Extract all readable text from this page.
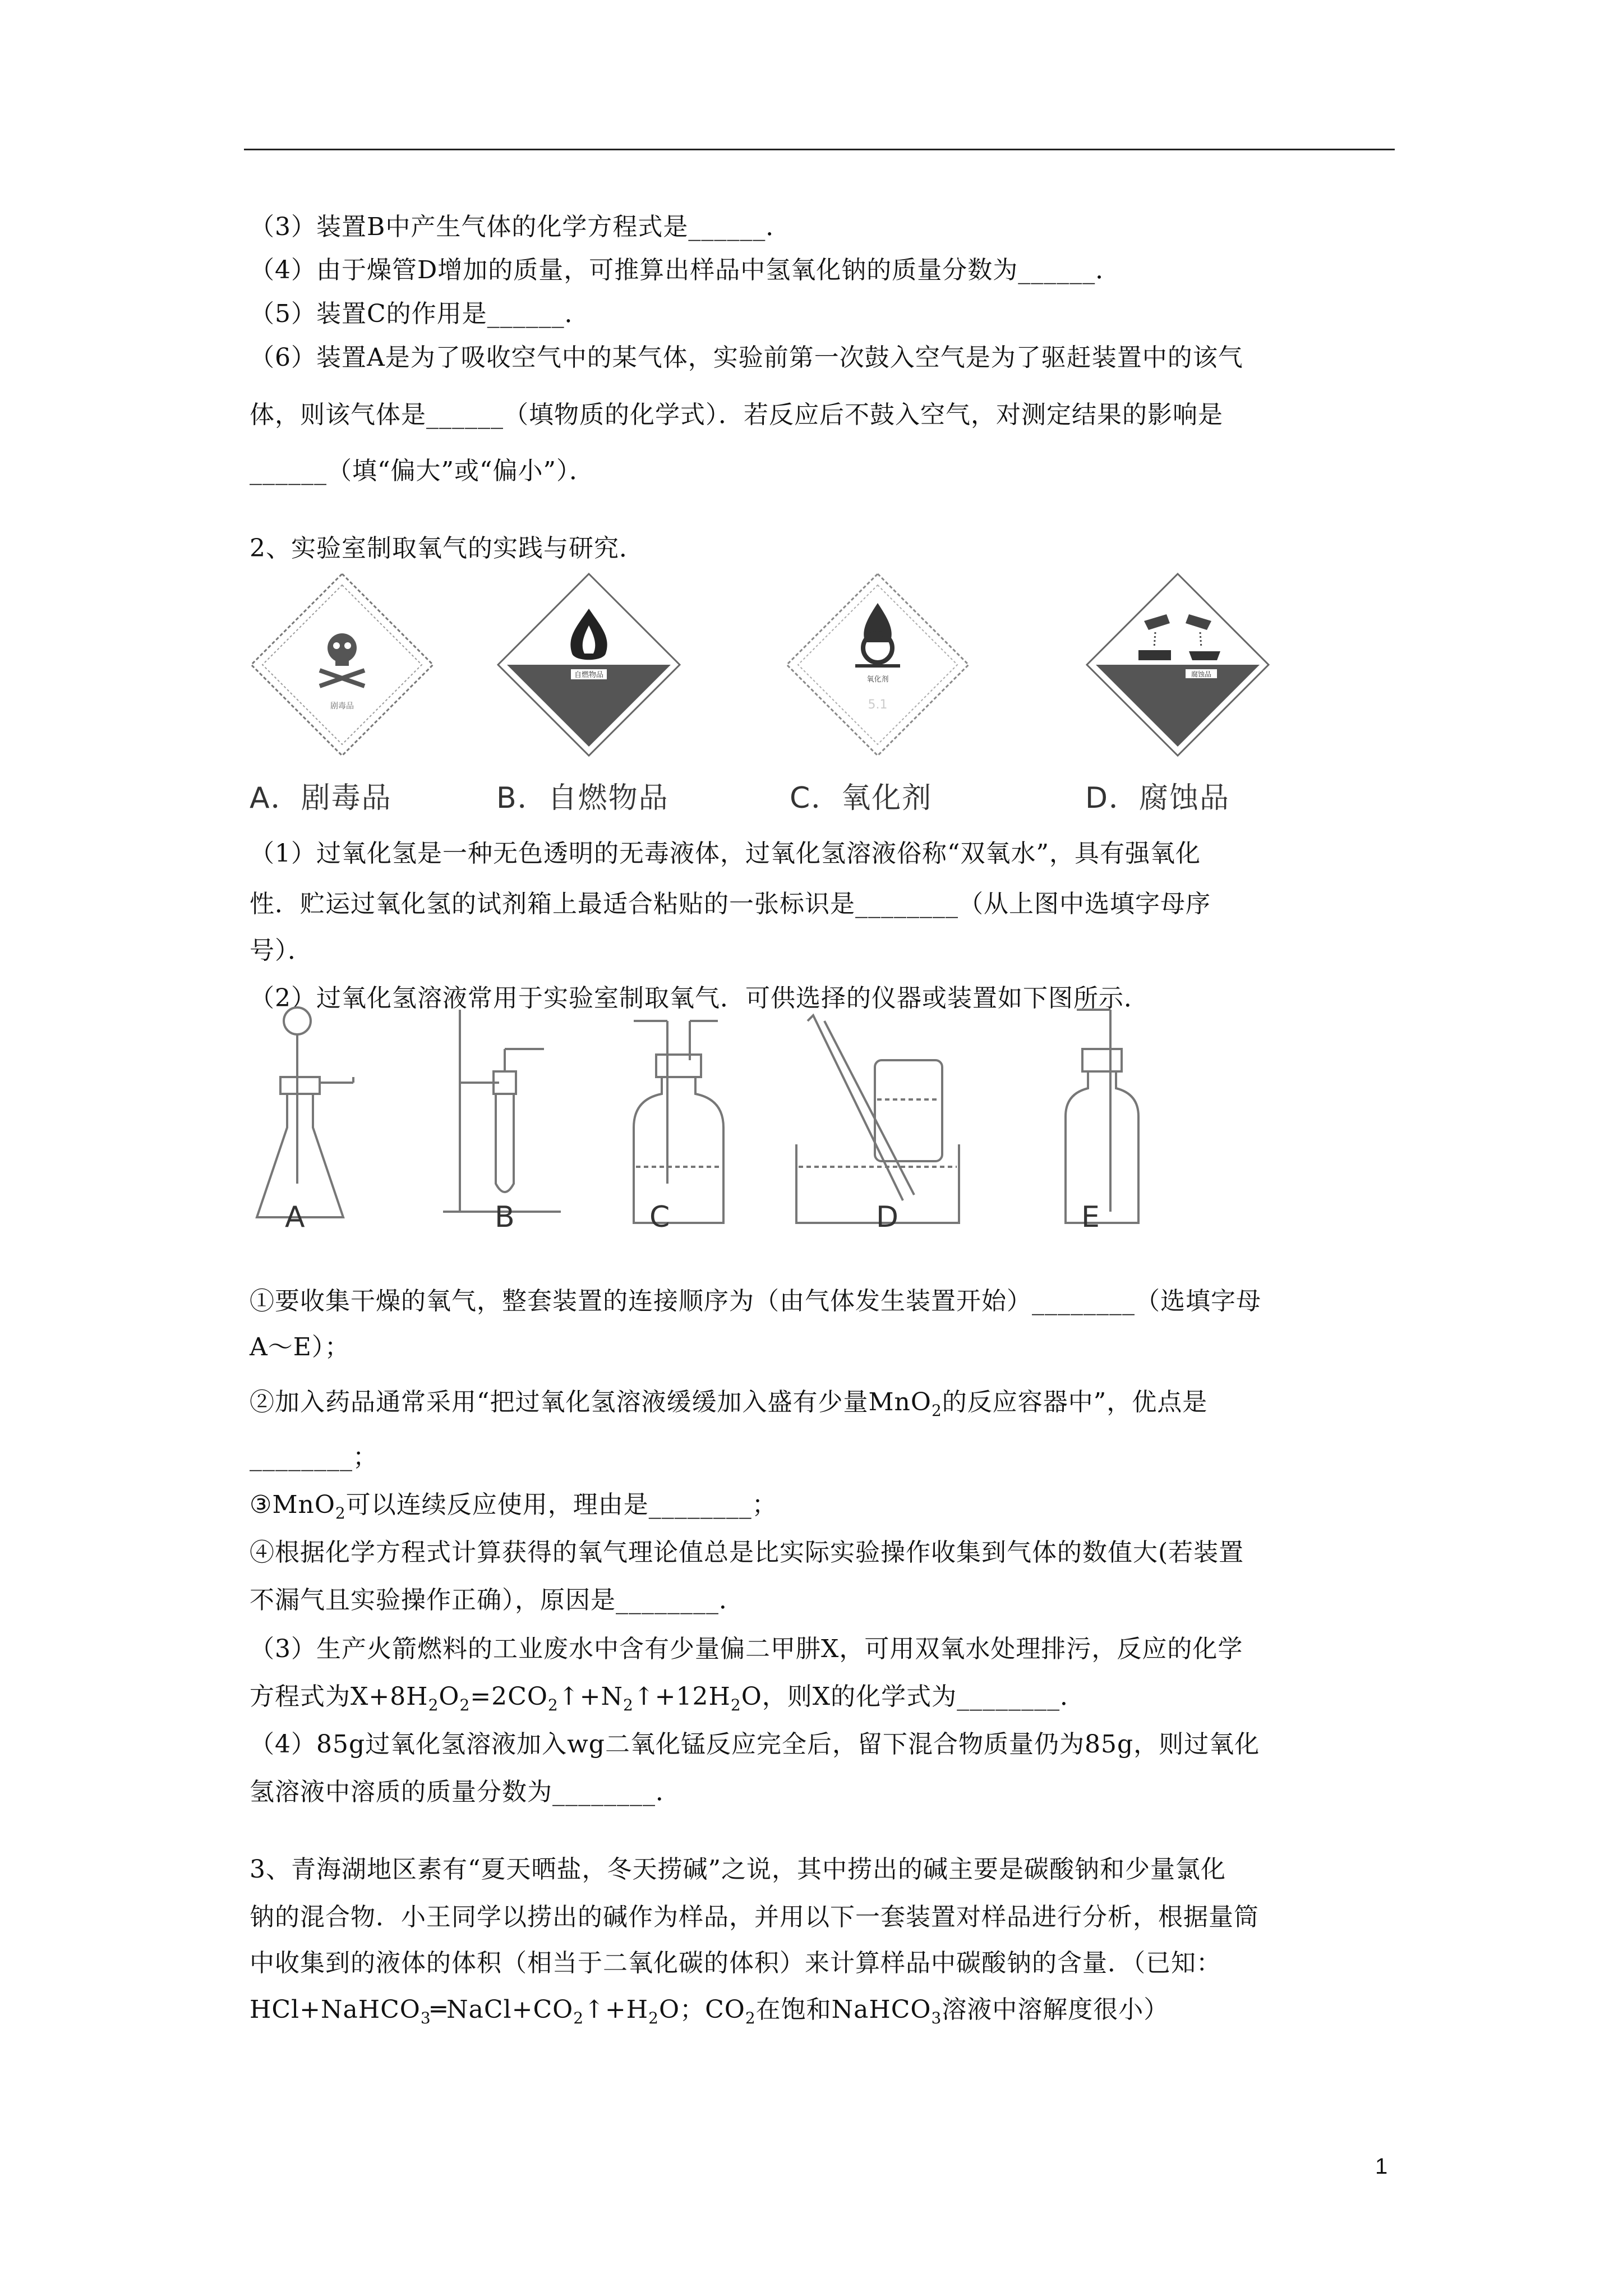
（3）装置B中产生气体的化学方程式是______．
（4）由于燥管D增加的质量，可推算出样品中氢氧化钠的质量分数为______．
（5）装置C的作用是______．
（6）装置A是为了吸收空气中的某气体，实验前第一次鼓入空气是为了驱赶装置中的该气
体，则该气体是______（填物质的化学式）．若反应后不鼓入空气，对测定结果的影响是
______（填“偏大”或“偏小”）．
2、实验室制取氧气的实践与研究．
剧毒品
自燃物品
氧化剂
5.1
腐蚀品
A．剧毒品	B．自燃物品	C．氧化剂	D．腐蚀品
（1）过氧化氢是一种无色透明的无毒液体，过氧化氢溶液俗称“双氧水”，具有强氧化
性．贮运过氧化氢的试剂箱上最适合粘贴的一张标识是________（从上图中选填字母序
号）．
（2）过氧化氢溶液常用于实验室制取氧气．可供选择的仪器或装置如下图所示．
A	B	C	D	E
①要收集干燥的氧气，整套装置的连接顺序为（由气体发生装置开始）________（选填字母
A～E）；
②加入药品通常采用“把过氧化氢溶液缓缓加入盛有少量MnO$_2$的反应容器中”，优点是
________；
③MnO$_2$可以连续反应使用，理由是________；
④根据化学方程式计算获得的氧气理论值总是比实际实验操作收集到气体的数值大(若装置
不漏气且实验操作正确），原因是________．
（3）生产火箭燃料的工业废水中含有少量偏二甲肼X，可用双氧水处理排污，反应的化学
方程式为$X+8H_2O_2=2CO_2↑+N_2↑+12H_2O$，则X的化学式为________．
（4）85g过氧化氢溶液加入wg二氧化锰反应完全后，留下混合物质量仍为85g，则过氧化
氢溶液中溶质的质量分数为________．
3、青海湖地区素有“夏天晒盐，冬天捞碱”之说，其中捞出的碱主要是碳酸钠和少量氯化
钠的混合物．小王同学以捞出的碱作为样品，并用以下一套装置对样品进行分析，根据量筒
中收集到的液体的体积（相当于二氧化碳的体积）来计算样品中碳酸钠的含量．（已知：
$HCl+NaHCO_3═NaCl+CO_2↑+H_2O$；$CO_2$在饱和NaHCO$_3$溶液中溶解度很小）
1
